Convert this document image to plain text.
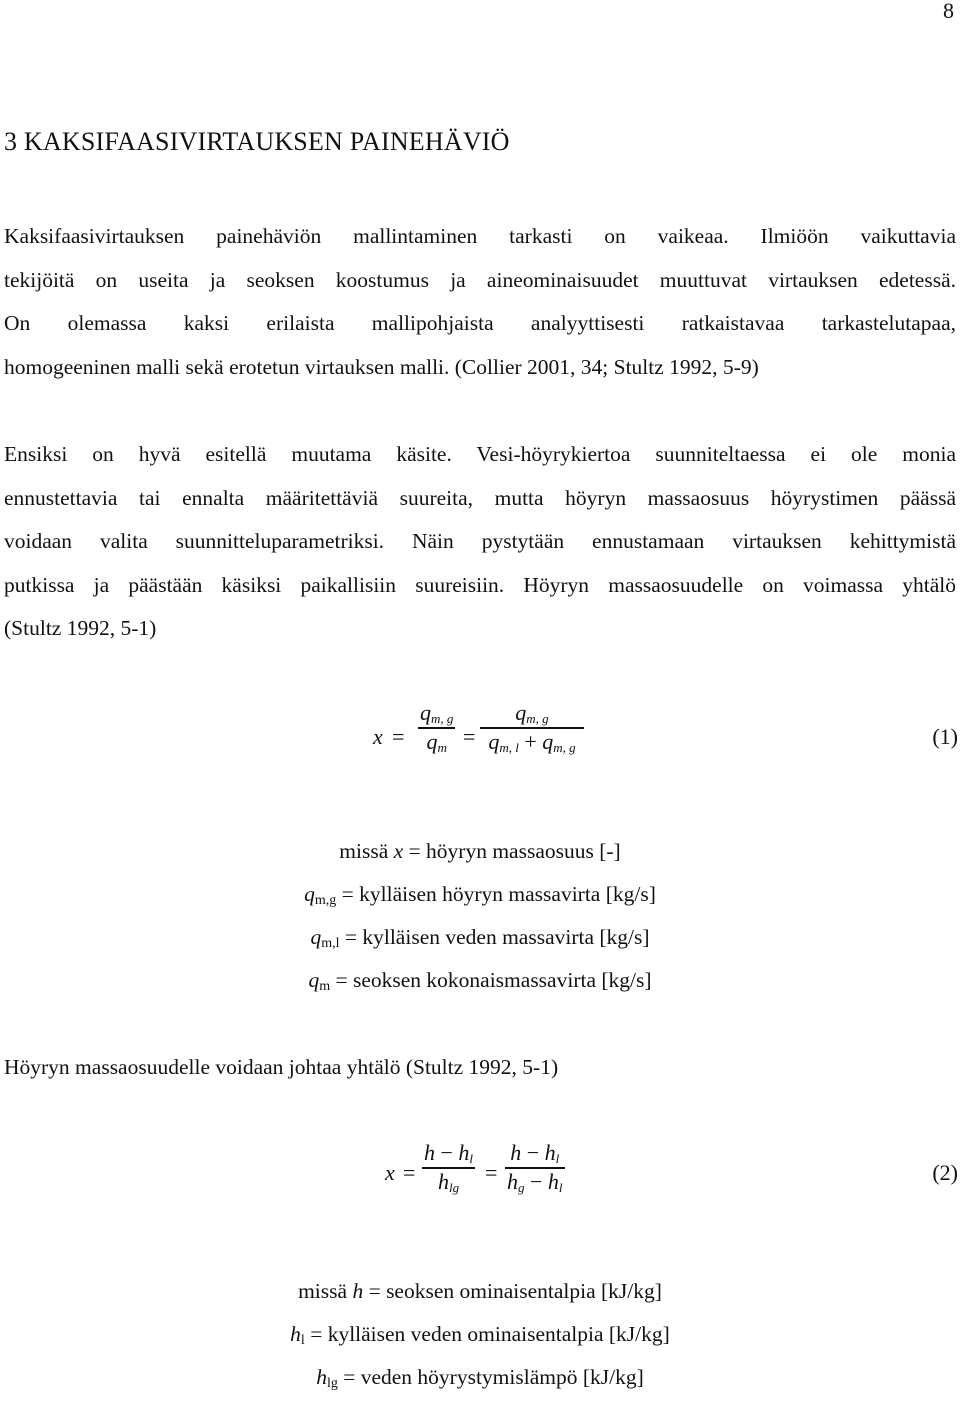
8
3 KAKSIFAASIVIRTAUKSEN PAINEHÄVIÖ
Kaksifaasivirtauksen painehäviön mallintaminen tarkasti on vaikeaa. Ilmiöön vaikuttavia
tekijöitä on useita ja seoksen koostumus ja aineominaisuudet muuttuvat virtauksen edetessä.
On olemassa kaksi erilaista mallipohjaista analyyttisesti ratkaistavaa tarkastelutapaa,
homogeeninen malli sekä erotetun virtauksen malli. (Collier 2001, 34; Stultz 1992, 5-9)
Ensiksi on hyvä esitellä muutama käsite. Vesi-höyrykiertoa suunniteltaessa ei ole monia
ennustettavia tai ennalta määritettäviä suureita, mutta höyryn massaosuus höyrystimen päässä
voidaan valita suunnitteluparametriksi. Näin pystytään ennustamaan virtauksen kehittymistä
putkissa ja päästään käsiksi paikallisiin suureisiin. Höyryn massaosuudelle on voimassa yhtälö
(Stultz 1992, 5-1)
x =
$q_{m, g}$
$q_m$ =
$q_{m, g}$
$q_{m, l} + q_{m, g}$	(1)
missä x = höyryn massaosuus [-]
$q_{m,g}$ = kylläisen höyryn massavirta [kg/s]
$q_{m,l}$ = kylläisen veden massavirta [kg/s]
$q_m$ = seoksen kokonaismassavirta [kg/s]
Höyryn massaosuudelle voidaan johtaa yhtälö (Stultz 1992, 5-1)
x =
$h - h_l$
$h_{lg}$
=
$h - h_l$
$h_g - h_l$
(2)
missä h = seoksen ominaisentalpia [kJ/kg]
$h_l$ = kylläisen veden ominaisentalpia [kJ/kg]
$h_{lg}$ = veden höyrystymislämpö [kJ/kg]
